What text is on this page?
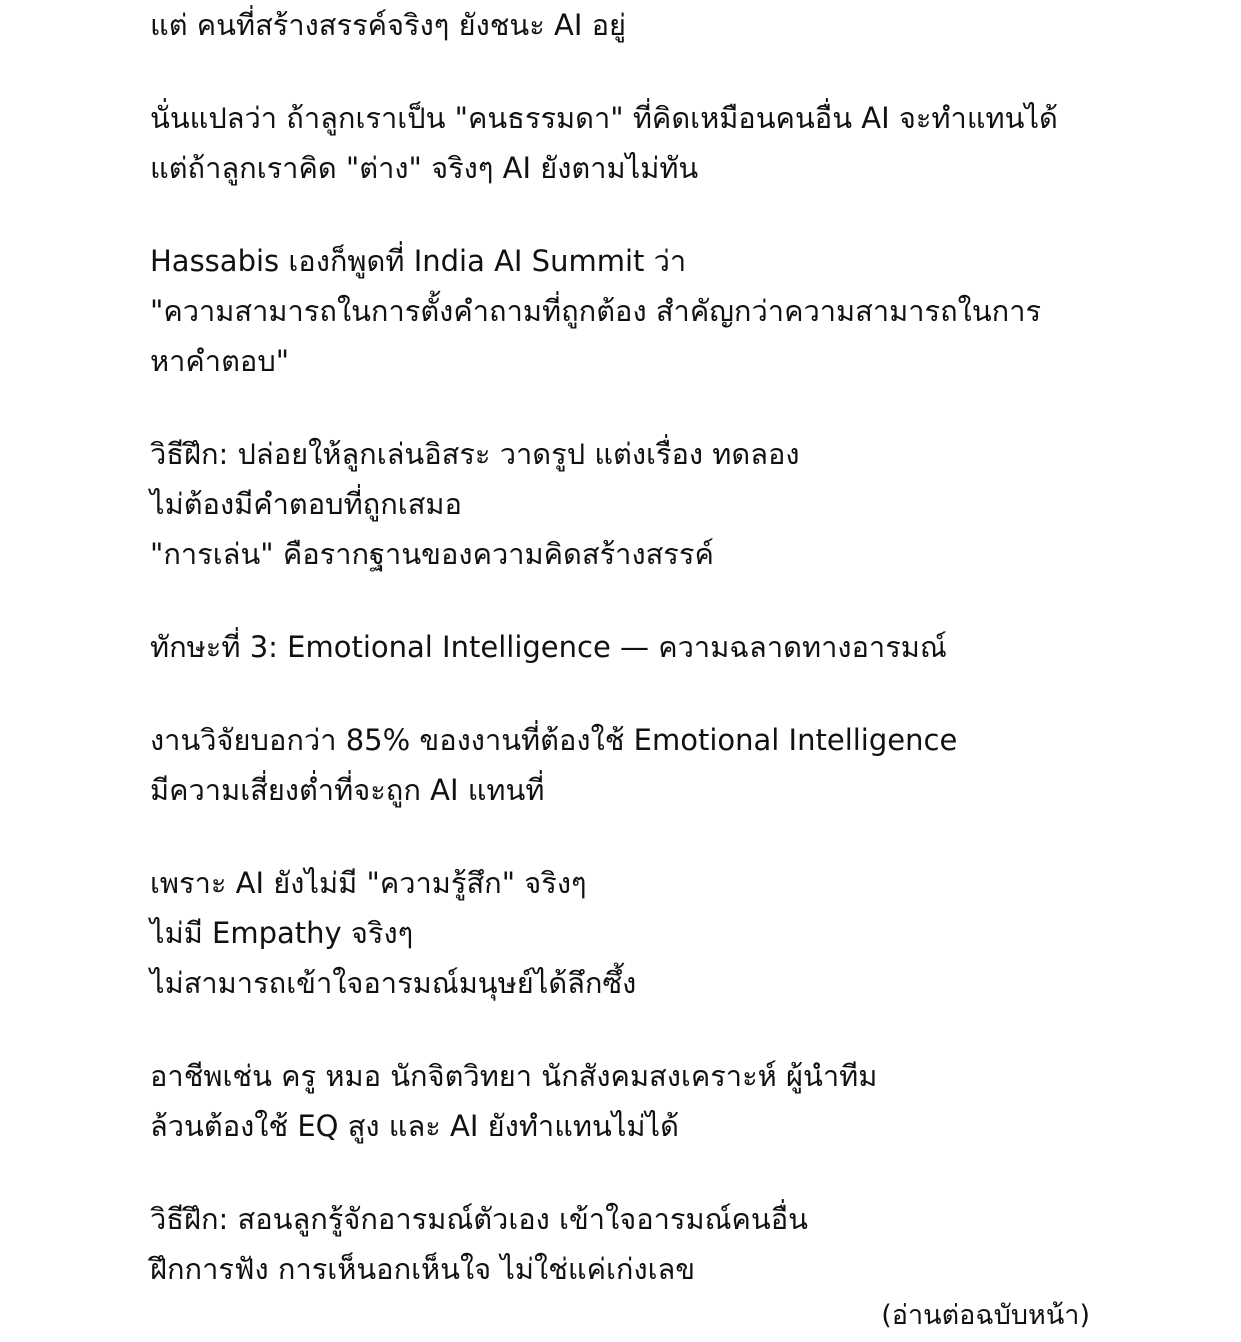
แต่ คนที่สร้างสรรค์จริงๆ ยังชนะ AI อยู่
นั่นแปลว่า ถ้าลูกเราเป็น "คนธรรมดา" ที่คิดเหมือนคนอื่น AI จะทำแทนได้
แต่ถ้าลูกเราคิด "ต่าง" จริงๆ AI ยังตามไม่ทัน
Hassabis เองก็พูดที่ India AI Summit ว่า
"ความสามารถในการตั้งคำถามที่ถูกต้อง สำคัญกว่าความสามารถในการ
หาคำตอบ"
วิธีฝึก: ปล่อยให้ลูกเล่นอิสระ วาดรูป แต่งเรื่อง ทดลอง
ไม่ต้องมีคำตอบที่ถูกเสมอ
"การเล่น" คือรากฐานของความคิดสร้างสรรค์
ทักษะที่ 3: Emotional Intelligence — ความฉลาดทางอารมณ์
งานวิจัยบอกว่า 85% ของงานที่ต้องใช้ Emotional Intelligence
มีความเสี่ยงต่ำที่จะถูก AI แทนที่
เพราะ AI ยังไม่มี "ความรู้สึก" จริงๆ
ไม่มี Empathy จริงๆ
ไม่สามารถเข้าใจอารมณ์มนุษย์ได้ลึกซึ้ง
อาชีพเช่น ครู หมอ นักจิตวิทยา นักสังคมสงเคราะห์ ผู้นำทีม
ล้วนต้องใช้ EQ สูง และ AI ยังทำแทนไม่ได้
วิธีฝึก: สอนลูกรู้จักอารมณ์ตัวเอง เข้าใจอารมณ์คนอื่น
ฝึกการฟัง การเห็นอกเห็นใจ ไม่ใช่แค่เก่งเลข
(อ่านต่อฉบับหน้า)
